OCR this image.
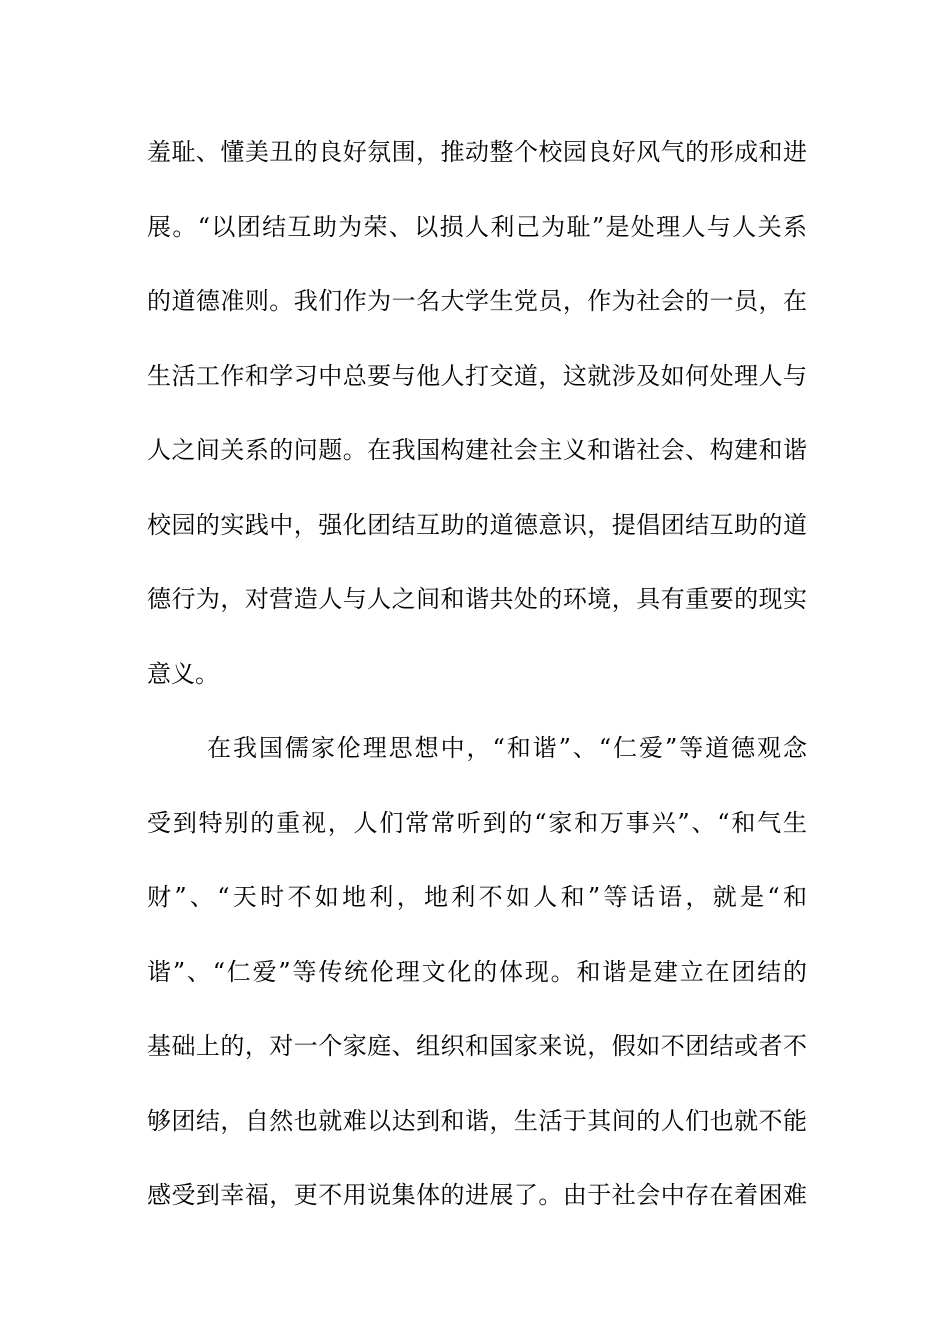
羞耻、懂美丑的良好氛围，推动整个校园良好风气的形成和进
展。“以团结互助为荣、以损人利己为耻”是处理人与人关系
的道德准则。我们作为一名大学生党员，作为社会的一员，在
生活工作和学习中总要与他人打交道，这就涉及如何处理人与
人之间关系的问题。在我国构建社会主义和谐社会、构建和谐
校园的实践中，强化团结互助的道德意识，提倡团结互助的道
德行为，对营造人与人之间和谐共处的环境，具有重要的现实
意义。
在我国儒家伦理思想中，“和谐”、“仁爱”等道德观念
受到特别的重视，人们常常听到的“家和万事兴”、“和气生
财”、“天时不如地利，地利不如人和”等话语，就是“和
谐”、“仁爱”等传统伦理文化的体现。和谐是建立在团结的
基础上的，对一个家庭、组织和国家来说，假如不团结或者不
够团结，自然也就难以达到和谐，生活于其间的人们也就不能
感受到幸福，更不用说集体的进展了。由于社会中存在着困难
